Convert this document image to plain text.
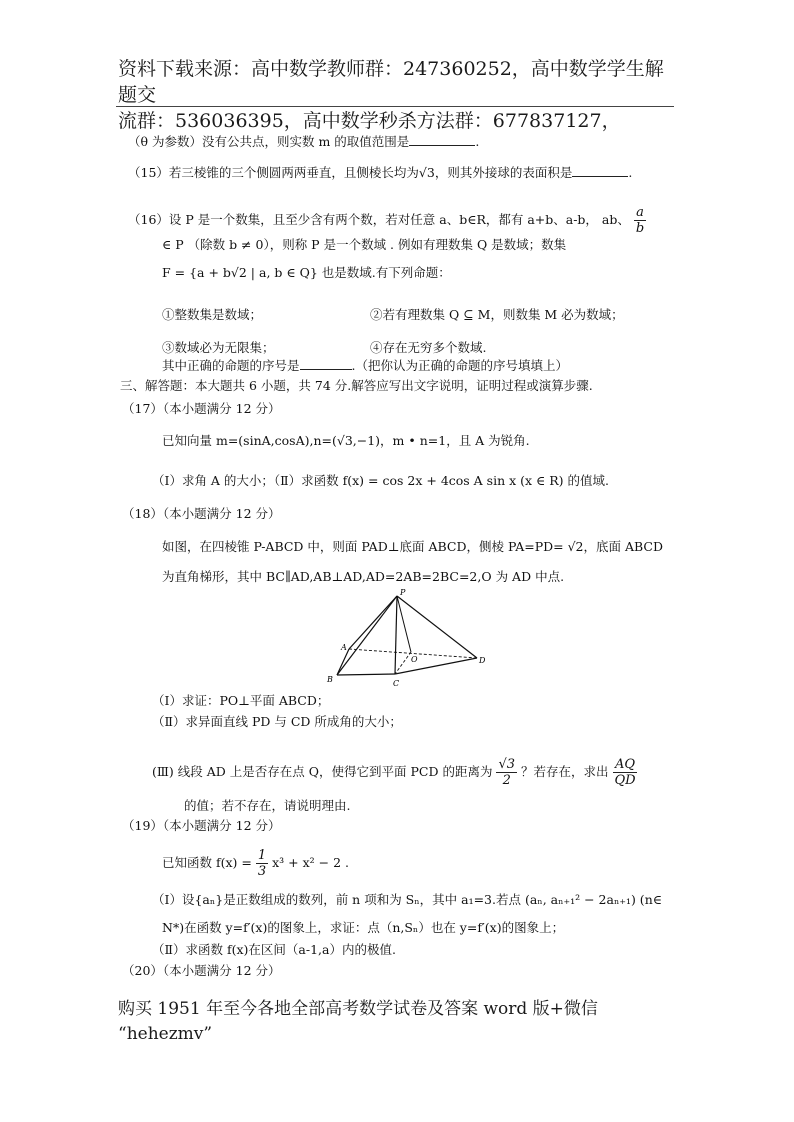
资料下载来源：高中数学教师群：247360252，高中数学学生解题交
流群：536036395，高中数学秒杀方法群：677837127，
（θ 为参数）没有公共点，则实数 m 的取值范围是	.
（15）若三棱锥的三个侧圆两两垂直，且侧棱长均为√3，则其外接球的表面积是	.
（16）设 P 是一个数集，且至少含有两个数，若对任意 a、b∈R，都有 a+b、a-b， ab、 $\frac{a}{b}$
∈ P （除数 b ≠ 0），则称 P 是一个数域 . 例如有理数集 Q 是数域；数集
F = {a + b√2 | a, b ∈ Q} 也是数域.有下列命题：
①整数集是数域；	②若有理数集 Q ⊆ M，则数集 M 必为数域；
③数域必为无限集；	④存在无穷多个数域.
其中正确的命题的序号是	.（把你认为正确的命题的序号填填上）
三、解答题：本大题共 6 小题，共 74 分.解答应写出文字说明，证明过程或演算步骤.
（17）（本小题满分 12 分）
已知向量 m=(sinA,cosA),n=(√3,−1)，m • n=1，且 A 为锐角.
（Ⅰ）求角 A 的大小；（Ⅱ）求函数 f(x) = cos 2x + 4cos A sin x (x ∈ R) 的值域.
（18）（本小题满分 12 分）
如图，在四棱锥 P-ABCD 中，则面 PAD⊥底面 ABCD，侧棱 PA=PD= √2，底面 ABCD
为直角梯形，其中 BC∥AD,AB⊥AD,AD=2AB=2BC=2,O 为 AD 中点.
P
A
B	C
D
O
（Ⅰ）求证：PO⊥平面 ABCD；
（Ⅱ）求异面直线 PD 与 CD 所成角的大小；
(Ⅲ) 线段 AD 上是否存在点 Q，使得它到平面 PCD 的距离为 $\frac{√3}{2}$ ？若存在，求出 $\frac{AQ}{QD}$
的值；若不存在，请说明理由.
（19）（本小题满分 12 分）
已知函数 $f(x) = \frac{1}{3} x^3 + x^2 - 2$ .
（Ⅰ）设{aₙ}是正数组成的数列，前 n 项和为 Sₙ，其中 a₁=3.若点 (aₙ, aₙ₊₁² − 2aₙ₊₁) (n∈
N*)在函数 y=f′(x)的图象上，求证：点（n,Sₙ）也在 y=f′(x)的图象上；
（Ⅱ）求函数 f(x)在区间（a-1,a）内的极值.
（20）（本小题满分 12 分）
购买 1951 年至今各地全部高考数学试卷及答案 word 版+微信
“hehezmv”
